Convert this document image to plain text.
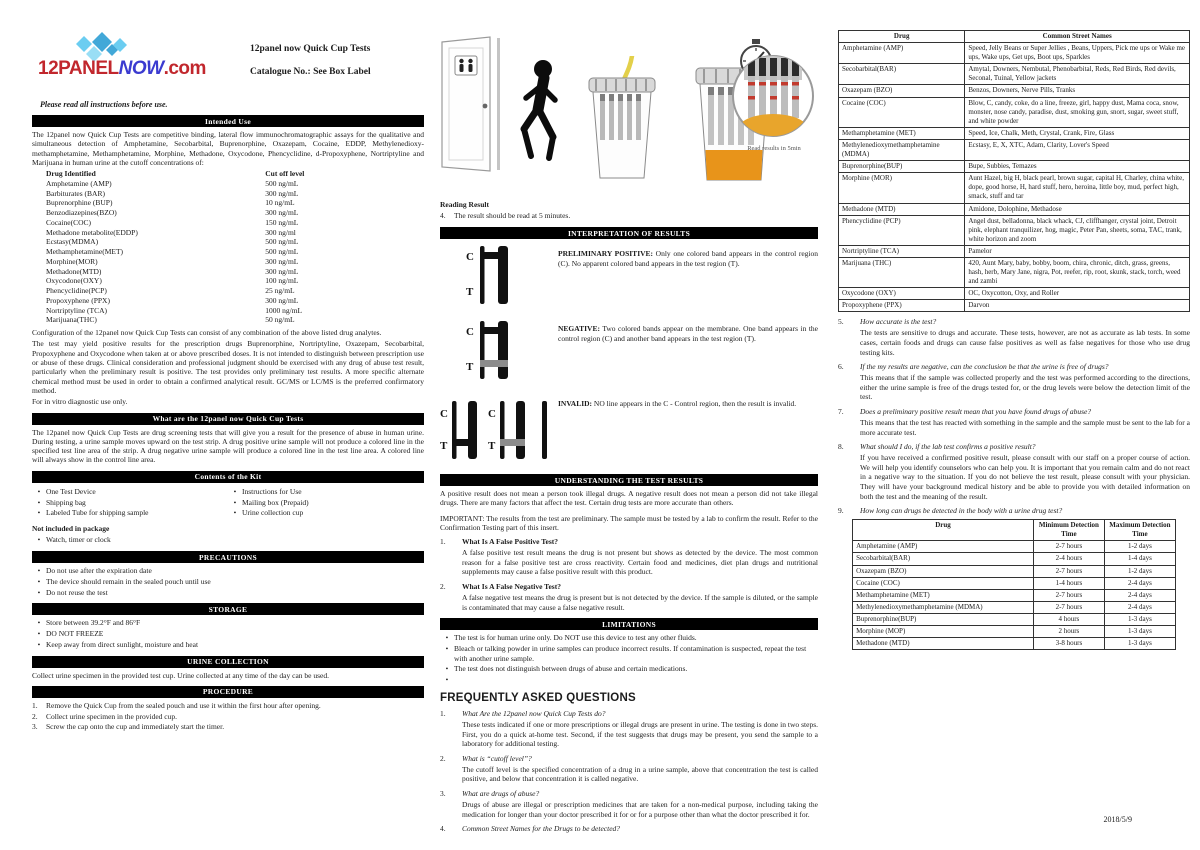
12PANELNOW.com
12panel now Quick Cup Tests
Catalogue No.: See Box Label
Please read all instructions before use.
Intended Use
The 12panel now Quick Cup Tests are competitive binding, lateral flow immunochromatographic assays for the qualitative and simultaneous detection of Amphetamine, Secobarbital, Buprenorphine, Oxazepam, Cocaine, EDDP, Methylenedioxy-methamphetamine, Methamphetamine, Morphine, Methadone, Oxycodone, Phencyclidine, d-Propoxyphene, Nortriptyline and Marijuana in human urine at the cutoff concentrations of:
Drug Identified	Cut off level
Amphetamine (AMP)	500 ng/mL
Barbiturates (BAR)	300 ng/mL
Buprenorphine (BUP)	10 ng/mL
Benzodiazepines(BZO)	300 ng/mL
Cocaine(COC)	150 ng/mL
Methadone metabolite(EDDP)	300 ng/ml
Ecstasy(MDMA)	500 ng/mL
Methamphetamine(MET)	500 ng/mL
Morphine(MOR)	300 ng/mL
Methadone(MTD)	300 ng/mL
Oxycodone(OXY)	100 ng/mL
Phencyclidine(PCP)	25 ng/mL
Propoxyphene (PPX)	300 ng/mL
Nortriptyline (TCA)	1000 ng/mL
Marijuana(THC)	50 ng/mL
Configuration of the 12panel now Quick Cup Tests can consist of any combination of the above listed drug analytes.
The test may yield positive results for the prescription drugs Buprenorphine, Nortriptyline, Oxazepam, Secobarbital, Propoxyphene and Oxycodone when taken at or above prescribed doses. It is not intended to distinguish between prescription use or abuse of these drugs. Clinical consideration and professional judgment should be exercised with any drug of abuse test result, particularly when the preliminary result is positive. The test provides only preliminary test results. A more specific alternate chemical method must be used in order to obtain a confirmed analytical result. GC/MS or LC/MS is the preferred confirmatory method.
For in vitro diagnostic use only.
What are the 12panel now Quick Cup Tests
The 12panel now Quick Cup Tests are drug screening tests that will give you a result for the presence of abuse in human urine. During testing, a urine sample moves upward on the test strip. A drug positive urine sample will not produce a colored line in the specified test line area of the strip. A drug negative urine sample will produce a colored line in the test line area. A colored line will always show in the control line area.
Contents of the Kit
• One Test Device
• Shipping bag
• Labeled Tube for shipping sample
• Instructions for Use
• Mailing box (Prepaid)
• Urine collection cup
Not included in package
• Watch, timer or clock
PRECAUTIONS
• Do not use after the expiration date
• The device should remain in the sealed pouch until use
• Do not reuse the test
STORAGE
• Store between 39.2°F and 86°F
• DO NOT FREEZE
• Keep away from direct sunlight, moisture and heat
URINE COLLECTION
Collect urine specimen in the provided test cup. Urine collected at any time of the day can be used.
PROCEDURE
1.	Remove the Quick Cup from the sealed pouch and use it within the first hour after opening.
2.	Collect urine specimen in the provided cup.
3.	Screw the cap onto the cup and immediately start the timer.
Read results in 5min
Reading Result
4.	The result should be read at 5 minutes.
INTERPRETATION OF RESULTS
C
T
PRELIMINARY POSITIVE: Only one colored band appears in the control region (C). No apparent colored band appears in the test region (T).
C
T
NEGATIVE: Two colored bands appear on the membrane. One band appears in the control region (C) and another band appears in the test region (T).
C
T
C
T
INVALID: NO line appears in the C - Control region, then the result is invalid.
UNDERSTANDING THE TEST RESULTS
A positive result does not mean a person took illegal drugs. A negative result does not mean a person did not take illegal drugs. There are many factors that affect the test. Certain drug tests are more accurate than others.
IMPORTANT: The results from the test are preliminary. The sample must be tested by a lab to confirm the result. Refer to the Confirmation Testing part of this insert.
1.	What Is A False Positive Test?
A false positive test result means the drug is not present but shows as detected by the device. The most common reason for a false positive test are cross reactivity. Certain food and medicines, diet plan drugs and nutritional supplements may cause a false positive result with this product.
2.	What Is A False Negative Test?
A false negative test means the drug is present but is not detected by the device. If the sample is diluted, or the sample is contaminated that may cause a false negative result.
LIMITATIONS
• The test is for human urine only. Do NOT use this device to test any other fluids.
• Bleach or talking powder in urine samples can produce incorrect results. If contamination is suspected, repeat the test with another urine sample.
• The test does not distinguish between drugs of abuse and certain medications.
•
FREQUENTLY ASKED QUESTIONS
1.	What Are the 12panel now Quick Cup Tests do?
These tests indicated if one or more prescriptions or illegal drugs are present in urine. The testing is done in two steps. First, you do a quick at-home test. Second, if the test suggests that drugs may be present, you send the sample to a laboratory for additional testing.
2.	What is “cutoff level”?
The cutoff level is the specified concentration of a drug in a urine sample, above that concentration the test is called positive, and below that concentration it is called negative.
3.	What are drugs of abuse?
Drugs of abuse are illegal or prescription medicines that are taken for a non-medical purpose, including taking the medication for longer than your doctor prescribed it for or for a purpose other than what the doctor prescribed it for.
4.	Common Street Names for the Drugs to be detected?
Drug	Common Street Names
Amphetamine (AMP)	Speed, Jelly Beans or Super Jellies , Beans, Uppers, Pick me ups or Wake me ups, Wake ups, Get ups, Boot ups, Sparkles
Secobarbital(BAR)	Amytal, Downers, Nembutal, Phenobarbital, Reds, Red Birds, Red devils, Seconal, Tuinal, Yellow jackets
Oxazepam (BZO)	Benzos, Downers, Nerve Pills, Tranks
Cocaine (COC)	Blow, C, candy, coke, do a line, freeze, girl, happy dust, Mama coca, snow, monster, nose candy, paradise, dust, smoking gun, snort, sugar, sweet stuff, and white powder
Methamphetamine (MET)	Speed, Ice, Chalk, Meth, Crystal, Crank, Fire, Glass
Methylenedioxymethamphetamine (MDMA)	Ecstasy, E, X, XTC, Adam, Clarity, Lover's Speed
Buprenorphine(BUP)	Bupe, Subbies, Temazes
Morphine (MOR)	Aunt Hazel, big H, black pearl, brown sugar, capital H, Charley, china white, dope, good horse, H, hard stuff, hero, heroina, little boy, mud, perfect high, smack, stuff and tar
Methadone (MTD)	Amidone, Dolophine, Methadose
Phencyclidine (PCP)	Angel dust, belladonna, black whack, CJ, cliffhanger, crystal joint, Detroit pink, elephant tranquilizer, hog, magic, Peter Pan, sheets, soma, TAC, trank, white horizon and zoom
Nortriptyline (TCA)	Pamelor
Marijuana (THC)	420, Aunt Mary, baby, bobby, boom, chira, chronic, ditch, grass, greens, hash, herb, Mary Jane, nigra, Pot, reefer, rip, root, skunk, stack, torch, weed and zambi
Oxycodone (OXY)	OC, Oxycotton, Oxy, and Roller
Propoxyphene (PPX)	Darvon
5.	How accurate is the test?
The tests are sensitive to drugs and accurate. These tests, however, are not as accurate as lab tests. In some cases, certain foods and drugs can cause false positives as well as false negatives for those who use drug testing kits.
6.	If the my results are negative, can the conclusion be that the urine is free of drugs?
This means that if the sample was collected properly and the test was performed according to the directions, either the urine sample is free of the drugs tested for, or the drug levels were below the detection limit of the test.
7.	Does a preliminary positive result mean that you have found drugs of abuse?
This means that the test has reacted with something in the sample and the sample must be sent to the lab for a more accurate test.
8.	What should I do, if the lab test confirms a positive result?
If you have received a confirmed positive result, please consult with our staff on a proper course of action. We will help you identify counselors who can help you. It is important that you remain calm and do not react in a negative way to the situation. If you do not believe the test result, please consult with your physician. They will have your background medical history and be able to provide you with detailed information on both the test and the meaning of the result.
9.	How long can drugs be detected in the body with a urine drug test?
Drug	Minimum Detection Time	Maximum Detection Time
Amphetamine (AMP)	2-7 hours	1-2 days
Secobarbital(BAR)	2-4 hours	1-4 days
Oxazepam (BZO)	2-7 hours	1-2 days
Cocaine (COC)	1-4 hours	2-4 days
Methamphetamine (MET)	2-7 hours	2-4 days
Methylenedioxymethamphetamine (MDMA)	2-7 hours	2-4 days
Buprenorphine(BUP)	4 hours	1-3 days
Morphine (MOP)	2 hours	1-3 days
Methadone (MTD)	3-8 hours	1-3 days
2018/5/9
